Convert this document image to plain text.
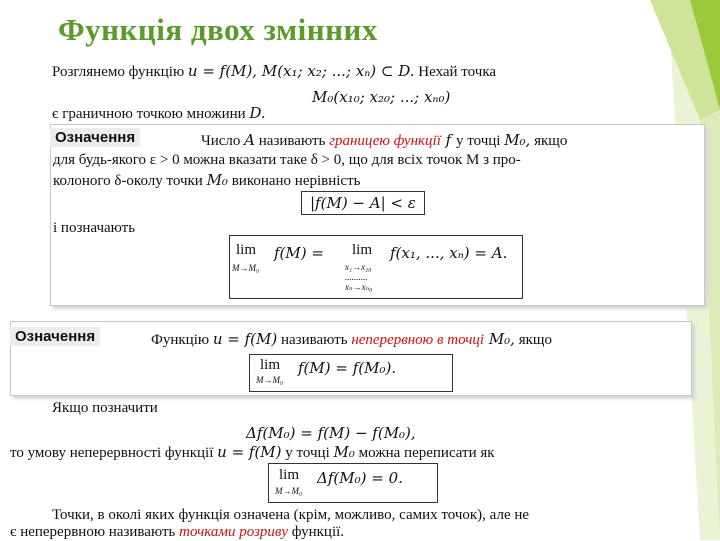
Функція двох змінних
Розглянемо функцію u = f(M), M(x₁; x₂; ...; xₙ) ⊂ D. Нехай точка
M₀(x₁₀; x₂₀; ...; xₙ₀)
є граничною точкою множини D.
Означення	Число A називають границею функції f у точці M₀, якщо
для будь-якого ε > 0 можна вказати таке δ > 0, що для всіх точок M з про-
колоного δ-околу точки M₀ виконано нерівність
|f(M) − A| < ε
і позначають
lim
M→M₀
f(M) = lim
x₁→x₁₀
..........
xₙ→xₙ₀
f(x₁, ..., xₙ) = A.
Означення	Функцію u = f(M) називають неперервною в точці M₀, якщо
lim
M→M₀
f(M) = f(M₀).
Якщо позначити
Δf(M₀) = f(M) − f(M₀),
то умову неперервності функції u = f(M) у точці M₀ можна переписати як
lim
M→M₀
Δf(M₀) = 0.
Точки, в околі яких функція означена (крім, можливо, самих точок), але не
є неперервною називають точками розриву функції.
